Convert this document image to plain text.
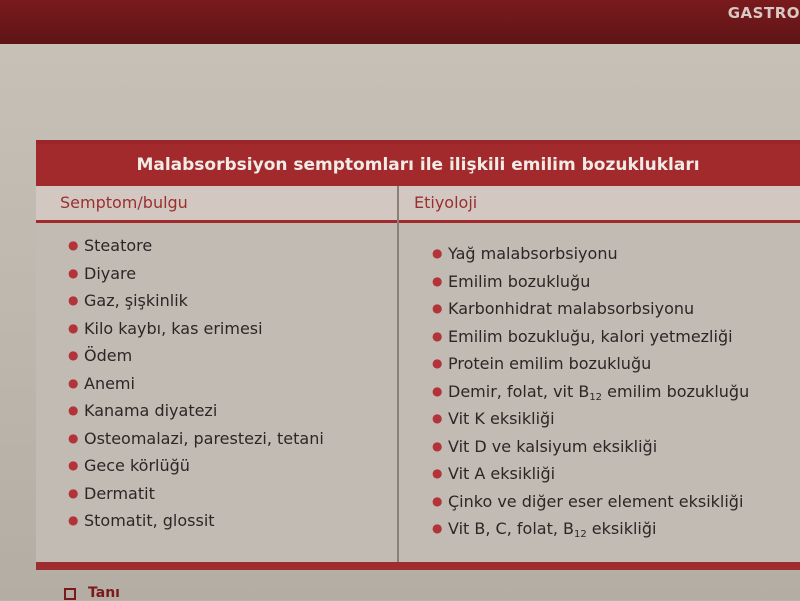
GASTRO
Malabsorbsiyon semptomları ile ilişkili emilim bozuklukları
Semptom/bulgu	Etiyoloji
● Steatore
● Diyare
● Gaz, şişkinlik
● Kilo kaybı, kas erimesi
● Ödem
● Anemi
● Kanama diyatezi
● Osteomalazi, parestezi, tetani
● Gece körlüğü
● Dermatit
● Stomatit, glossit
● Yağ malabsorbsiyonu
● Emilim bozukluğu
● Karbonhidrat malabsorbsiyonu
● Emilim bozukluğu, kalori yetmezliği
● Protein emilim bozukluğu
● Demir, folat, vit $B_{12}$ emilim bozukluğu
● Vit K eksikliği
● Vit D ve kalsiyum eksikliği
● Vit A eksikliği
● Çinko ve diğer eser element eksikliği
● Vit B, C, folat, $B_{12}$ eksikliği
Tanı
